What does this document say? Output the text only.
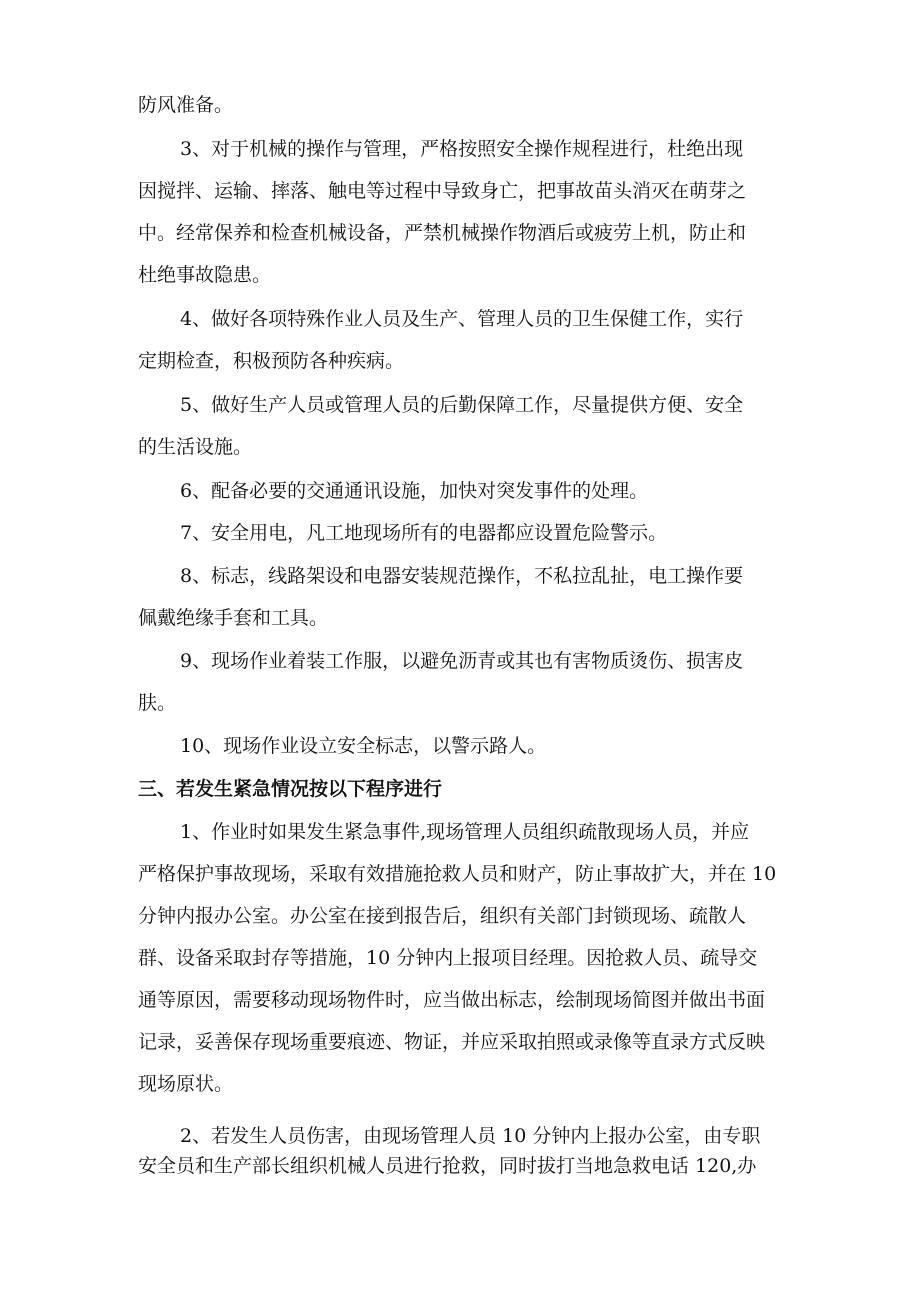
防风准备。

3、对于机械的操作与管理，严格按照安全操作规程进行，杜绝出现

因搅拌、运输、摔落、触电等过程中导致身亡，把事故苗头消灭在萌芽之

中。经常保养和检查机械设备，严禁机械操作物酒后或疲劳上机，防止和

杜绝事故隐患。

4、做好各项特殊作业人员及生产、管理人员的卫生保健工作，实行

定期检查，积极预防各种疾病。

5、做好生产人员或管理人员的后勤保障工作，尽量提供方便、安全

的生活设施。

6、配备必要的交通通讯设施，加快对突发事件的处理。

7、安全用电，凡工地现场所有的电器都应设置危险警示。

8、标志，线路架设和电器安装规范操作，不私拉乱扯，电工操作要

佩戴绝缘手套和工具。

9、现场作业着装工作服，以避免沥青或其也有害物质烫伤、损害皮

肤。

10、现场作业设立安全标志，以警示路人。

三、若发生紧急情况按以下程序进行

1、作业时如果发生紧急事件,现场管理人员组织疏散现场人员，并应

严格保护事故现场，采取有效措施抢救人员和财产，防止事故扩大，并在 10

分钟内报办公室。办公室在接到报告后，组织有关部门封锁现场、疏散人

群、设备采取封存等措施，10 分钟内上报项目经理。因抢救人员、疏导交

通等原因，需要移动现场物件时，应当做出标志，绘制现场简图并做出书面

记录，妥善保存现场重要痕迹、物证，并应采取拍照或录像等直录方式反映

现场原状。

2、若发生人员伤害，由现场管理人员 10 分钟内上报办公室，由专职

安全员和生产部长组织机械人员进行抢救，同时拔打当地急救电话 120,办
